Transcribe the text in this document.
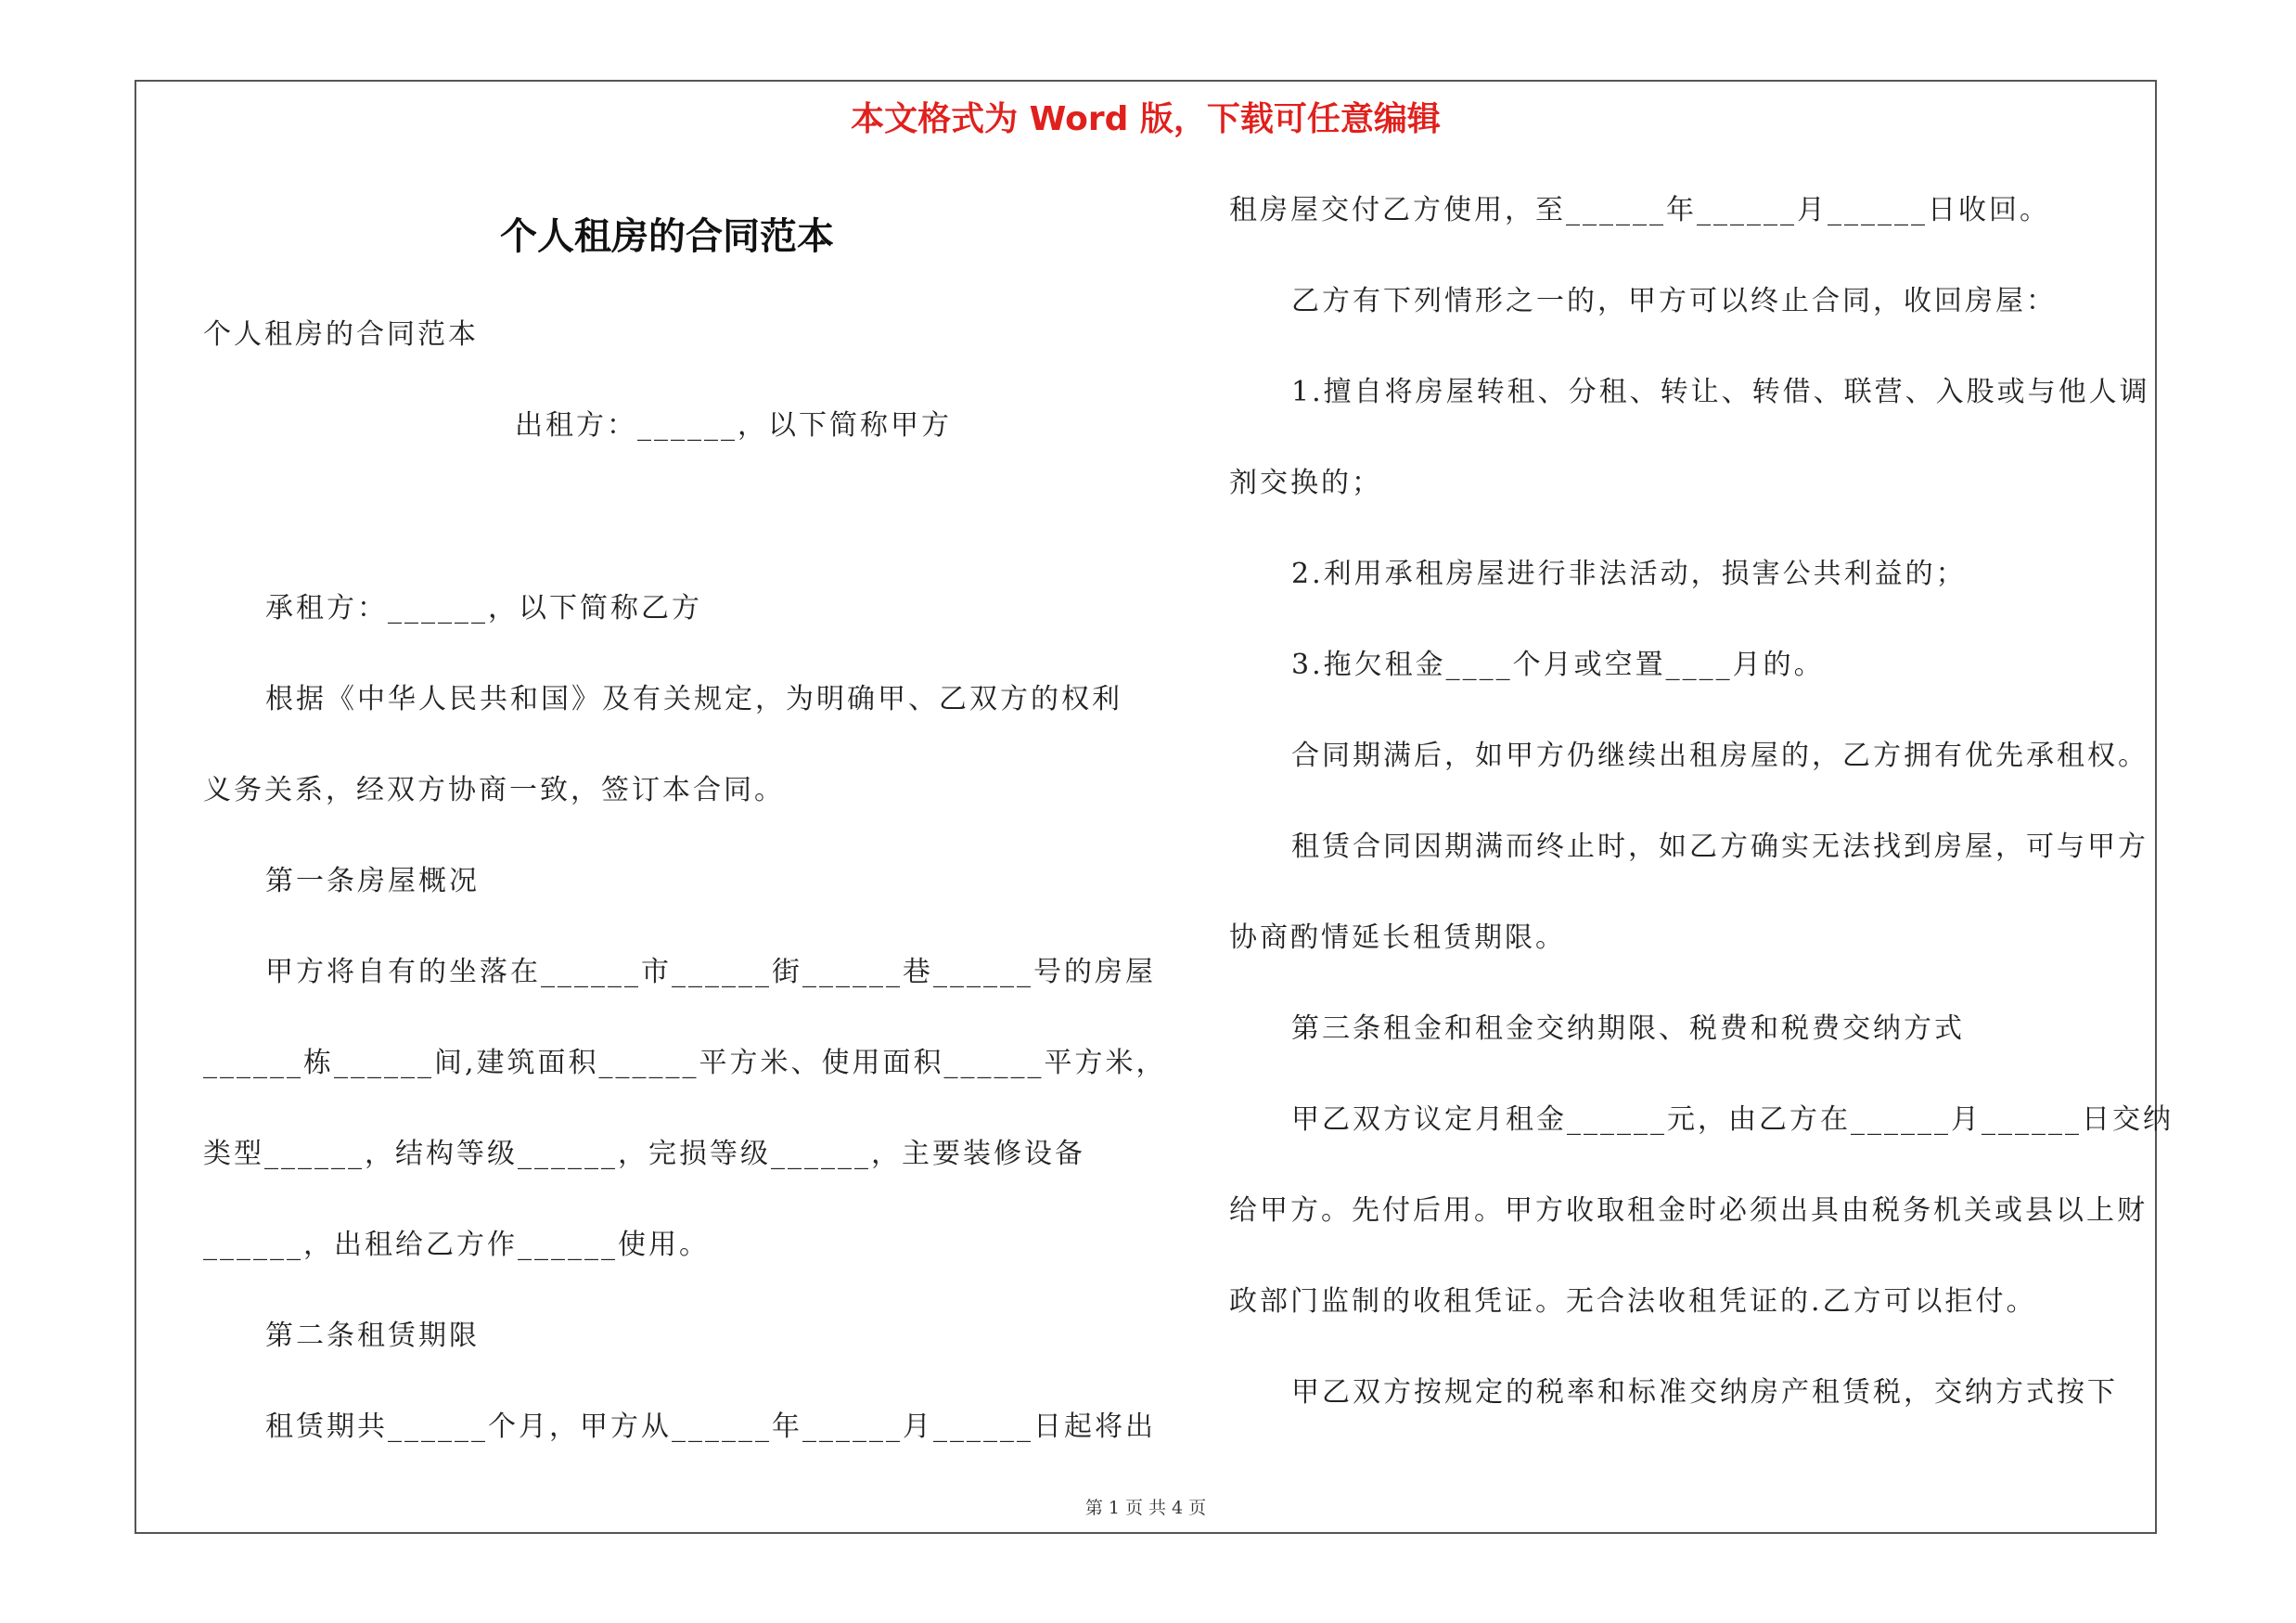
本文格式为 Word 版，下载可任意编辑
个人租房的合同范本
个人租房的合同范本
出租方：______，以下简称甲方
承租方：______，以下简称乙方
根据《中华人民共和国》及有关规定，为明确甲、乙双方的权利
义务关系，经双方协商一致，签订本合同。
第一条房屋概况
甲方将自有的坐落在______市______街______巷______号的房屋
______栋______间,建筑面积______平方米、使用面积______平方米，
类型______，结构等级______，完损等级______，主要装修设备
______，出租给乙方作______使用。
第二条租赁期限
租赁期共______个月，甲方从______年______月______日起将出
租房屋交付乙方使用，至______年______月______日收回。
乙方有下列情形之一的，甲方可以终止合同，收回房屋：
1.擅自将房屋转租、分租、转让、转借、联营、入股或与他人调
剂交换的；
2.利用承租房屋进行非法活动，损害公共利益的；
3.拖欠租金____个月或空置____月的。
合同期满后，如甲方仍继续出租房屋的，乙方拥有优先承租权。
租赁合同因期满而终止时，如乙方确实无法找到房屋，可与甲方
协商酌情延长租赁期限。
第三条租金和租金交纳期限、税费和税费交纳方式
甲乙双方议定月租金______元，由乙方在______月______日交纳
给甲方。先付后用。甲方收取租金时必须出具由税务机关或县以上财
政部门监制的收租凭证。无合法收租凭证的.乙方可以拒付。
甲乙双方按规定的税率和标准交纳房产租赁税，交纳方式按下
第 1 页 共 4 页
